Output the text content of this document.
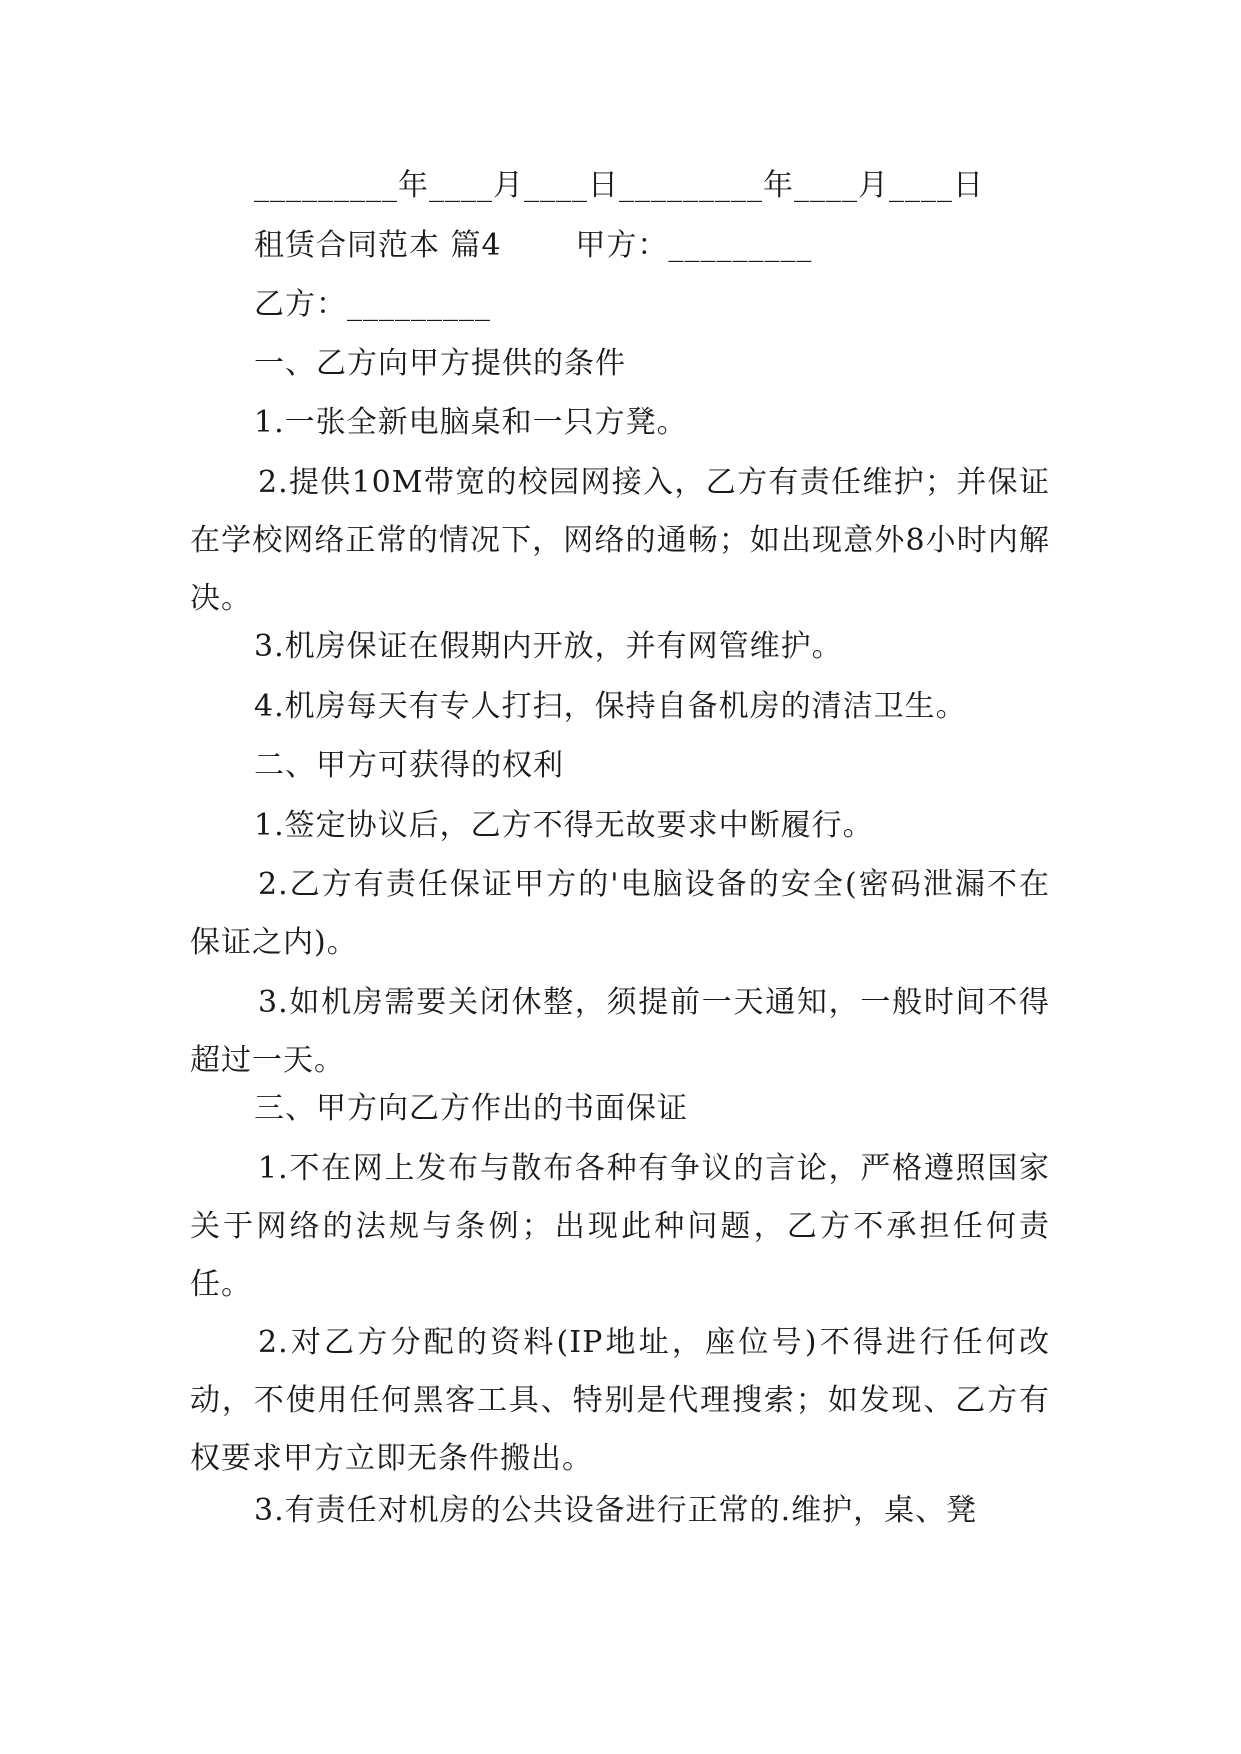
_________年____月____日_________年____月____日
租赁合同范本 篇4       甲方：_________
乙方：_________
一、乙方向甲方提供的条件
1.一张全新电脑桌和一只方凳。

2.提供10M带宽的校园网接入，乙方有责任维护；并保证在学校网络正常的情况下，网络的通畅；如出现意外8小时内解决。

3.机房保证在假期内开放，并有网管维护。
4.机房每天有专人打扫，保持自备机房的清洁卫生。
二、甲方可获得的权利
1.签定协议后，乙方不得无故要求中断履行。

2.乙方有责任保证甲方的'电脑设备的安全(密码泄漏不在保证之内)。

3.如机房需要关闭休整，须提前一天通知，一般时间不得超过一天。

三、甲方向乙方作出的书面保证

1.不在网上发布与散布各种有争议的言论，严格遵照国家关于网络的法规与条例；出现此种问题，乙方不承担任何责任。

2.对乙方分配的资料(IP地址，座位号)不得进行任何改动，不使用任何黑客工具、特别是代理搜索；如发现、乙方有权要求甲方立即无条件搬出。

3.有责任对机房的公共设备进行正常的.维护，桌、凳
